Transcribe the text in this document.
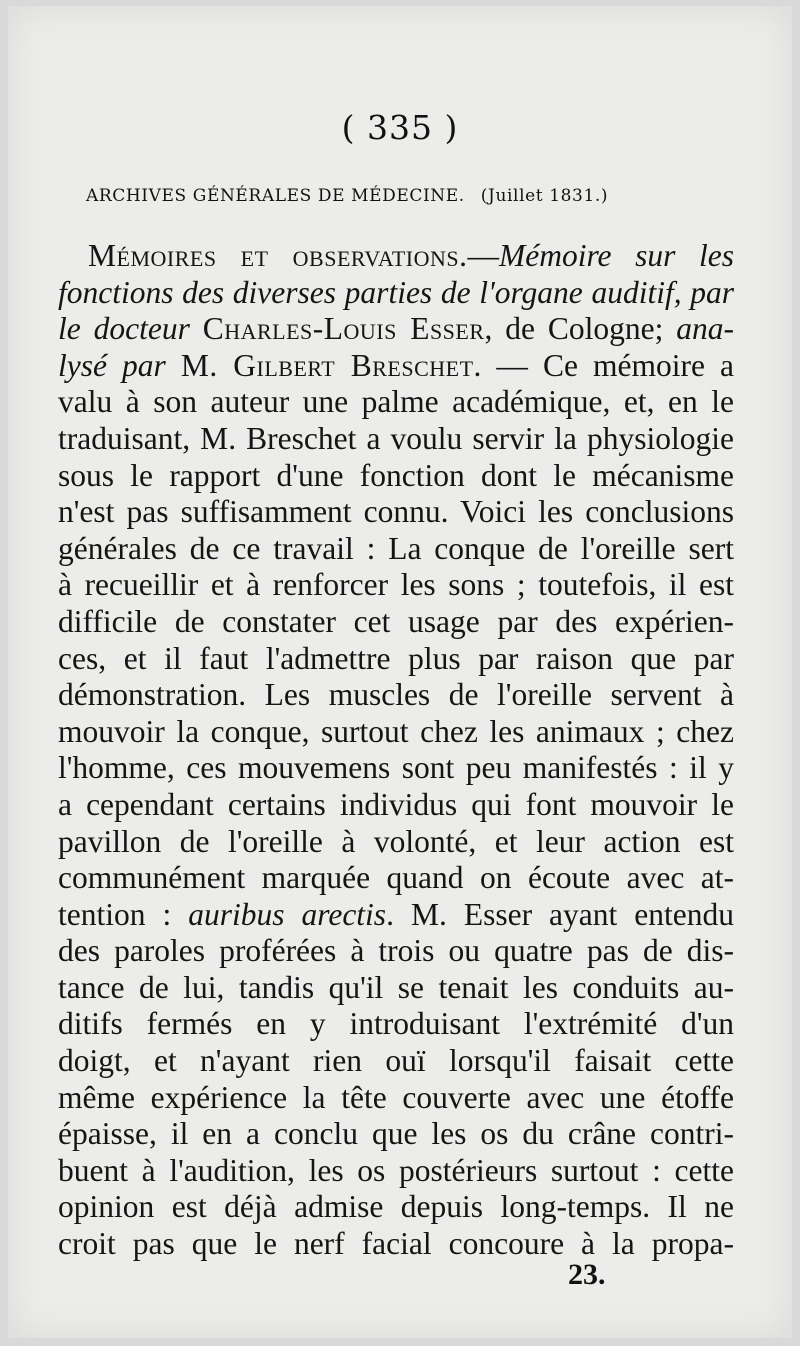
( 335 )
ARCHIVES GÉNÉRALES DE MÉDECINE. (Juillet 1831.)
Mémoires et observations.—Mémoire sur les
fonctions des diverses parties de l'organe auditif, par
le docteur Charles-Louis Esser, de Cologne; ana-
lysé par M. Gilbert Breschet. — Ce mémoire a
valu à son auteur une palme académique, et, en le
traduisant, M. Breschet a voulu servir la physiologie
sous le rapport d'une fonction dont le mécanisme
n'est pas suffisamment connu. Voici les conclusions
générales de ce travail : La conque de l'oreille sert
à recueillir et à renforcer les sons ; toutefois, il est
difficile de constater cet usage par des expérien-
ces, et il faut l'admettre plus par raison que par
démonstration. Les muscles de l'oreille servent à
mouvoir la conque, surtout chez les animaux ; chez
l'homme, ces mouvemens sont peu manifestés : il y
a cependant certains individus qui font mouvoir le
pavillon de l'oreille à volonté, et leur action est
communément marquée quand on écoute avec at-
tention : auribus arectis. M. Esser ayant entendu
des paroles proférées à trois ou quatre pas de dis-
tance de lui, tandis qu'il se tenait les conduits au-
ditifs fermés en y introduisant l'extrémité d'un
doigt, et n'ayant rien ouï lorsqu'il faisait cette
même expérience la tête couverte avec une étoffe
épaisse, il en a conclu que les os du crâne contri-
buent à l'audition, les os postérieurs surtout : cette
opinion est déjà admise depuis long-temps. Il ne
croit pas que le nerf facial concoure à la propa-
23.
